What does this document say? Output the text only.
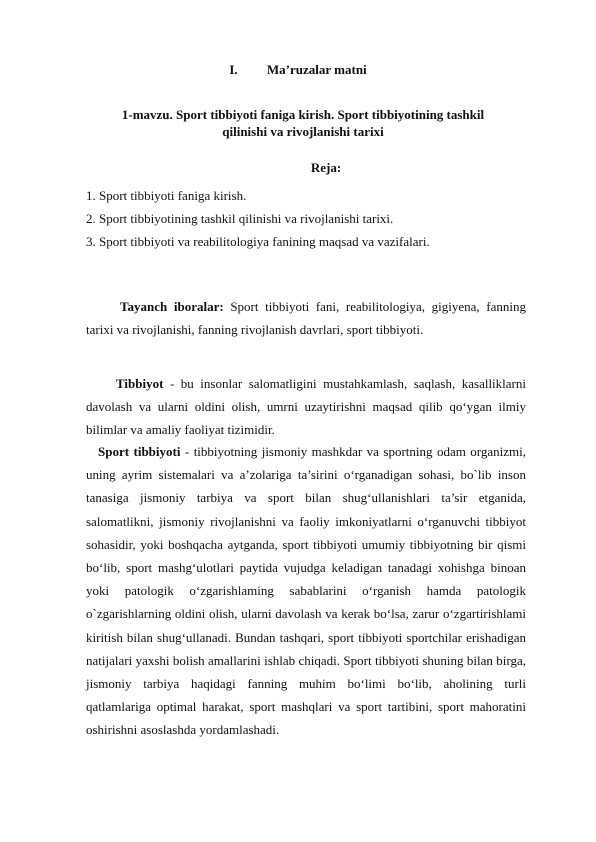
I. Ma’ruzalar matni
1-mavzu. Sport tibbiyoti faniga kirish. Sport tibbiyotining tashkil
qilinishi va rivojlanishi tarixi
Reja:
1. Sport tibbiyoti faniga kirish.
2. Sport tibbiyotining tashkil qilinishi va rivojlanishi tarixi.
3. Sport tibbiyoti va reabilitologiya fanining maqsad va vazifalari.

Tayanch iboralar: Sport tibbiyoti fani, reabilitologiya, gigiyena, fanning tarixi va rivojlanishi, fanning rivojlanish davrlari, sport tibbiyoti.

Tibbiyot - bu insonlar salomatligini mustahkamlash, saqlash, kasalliklarni davolash va ularni oldini olish, umrni uzaytirishni maqsad qilib qo‘ygan ilmiy bilimlar va amaliy faoliyat tizimidir.

Sport tibbiyoti - tibbiyotning jismoniy mashkdar va sportning odam organizmi, uning ayrim sistemalari va a’zolariga ta’sirini o‘rganadigan sohasi, bo`lib inson tanasiga jismoniy tarbiya va sport bilan shug‘ullanishlari ta’sir etganida, salomatlikni, jismoniy rivojlanishni va faoliy imkoniyatlarni o‘rganuvchi tibbiyot sohasidir, yoki boshqacha aytganda, sport tibbiyoti umumiy tibbiyotning bir qismi bo‘lib, sport mashg‘ulotlari paytida vujudga keladigan tanadagi xohishga binoan yoki patologik o‘zgarishlaming sabablarini o‘rganish hamda patologik o`zgarishlarning oldini olish, ularni davolash va kerak bo‘lsa, zarur o‘zgartirishlami kiritish bilan shug‘ullanadi. Bundan tashqari, sport tibbiyoti sportchilar erishadigan natijalari yaxshi bolish amallarini ishlab chiqadi. Sport tibbiyoti shuning bilan birga, jismoniy tarbiya haqidagi fanning muhim bo‘limi bo‘lib, aholining turli qatlamlariga optimal harakat, sport mashqlari va sport tartibini, sport mahoratini oshirishni asoslashda yordamlashadi.
